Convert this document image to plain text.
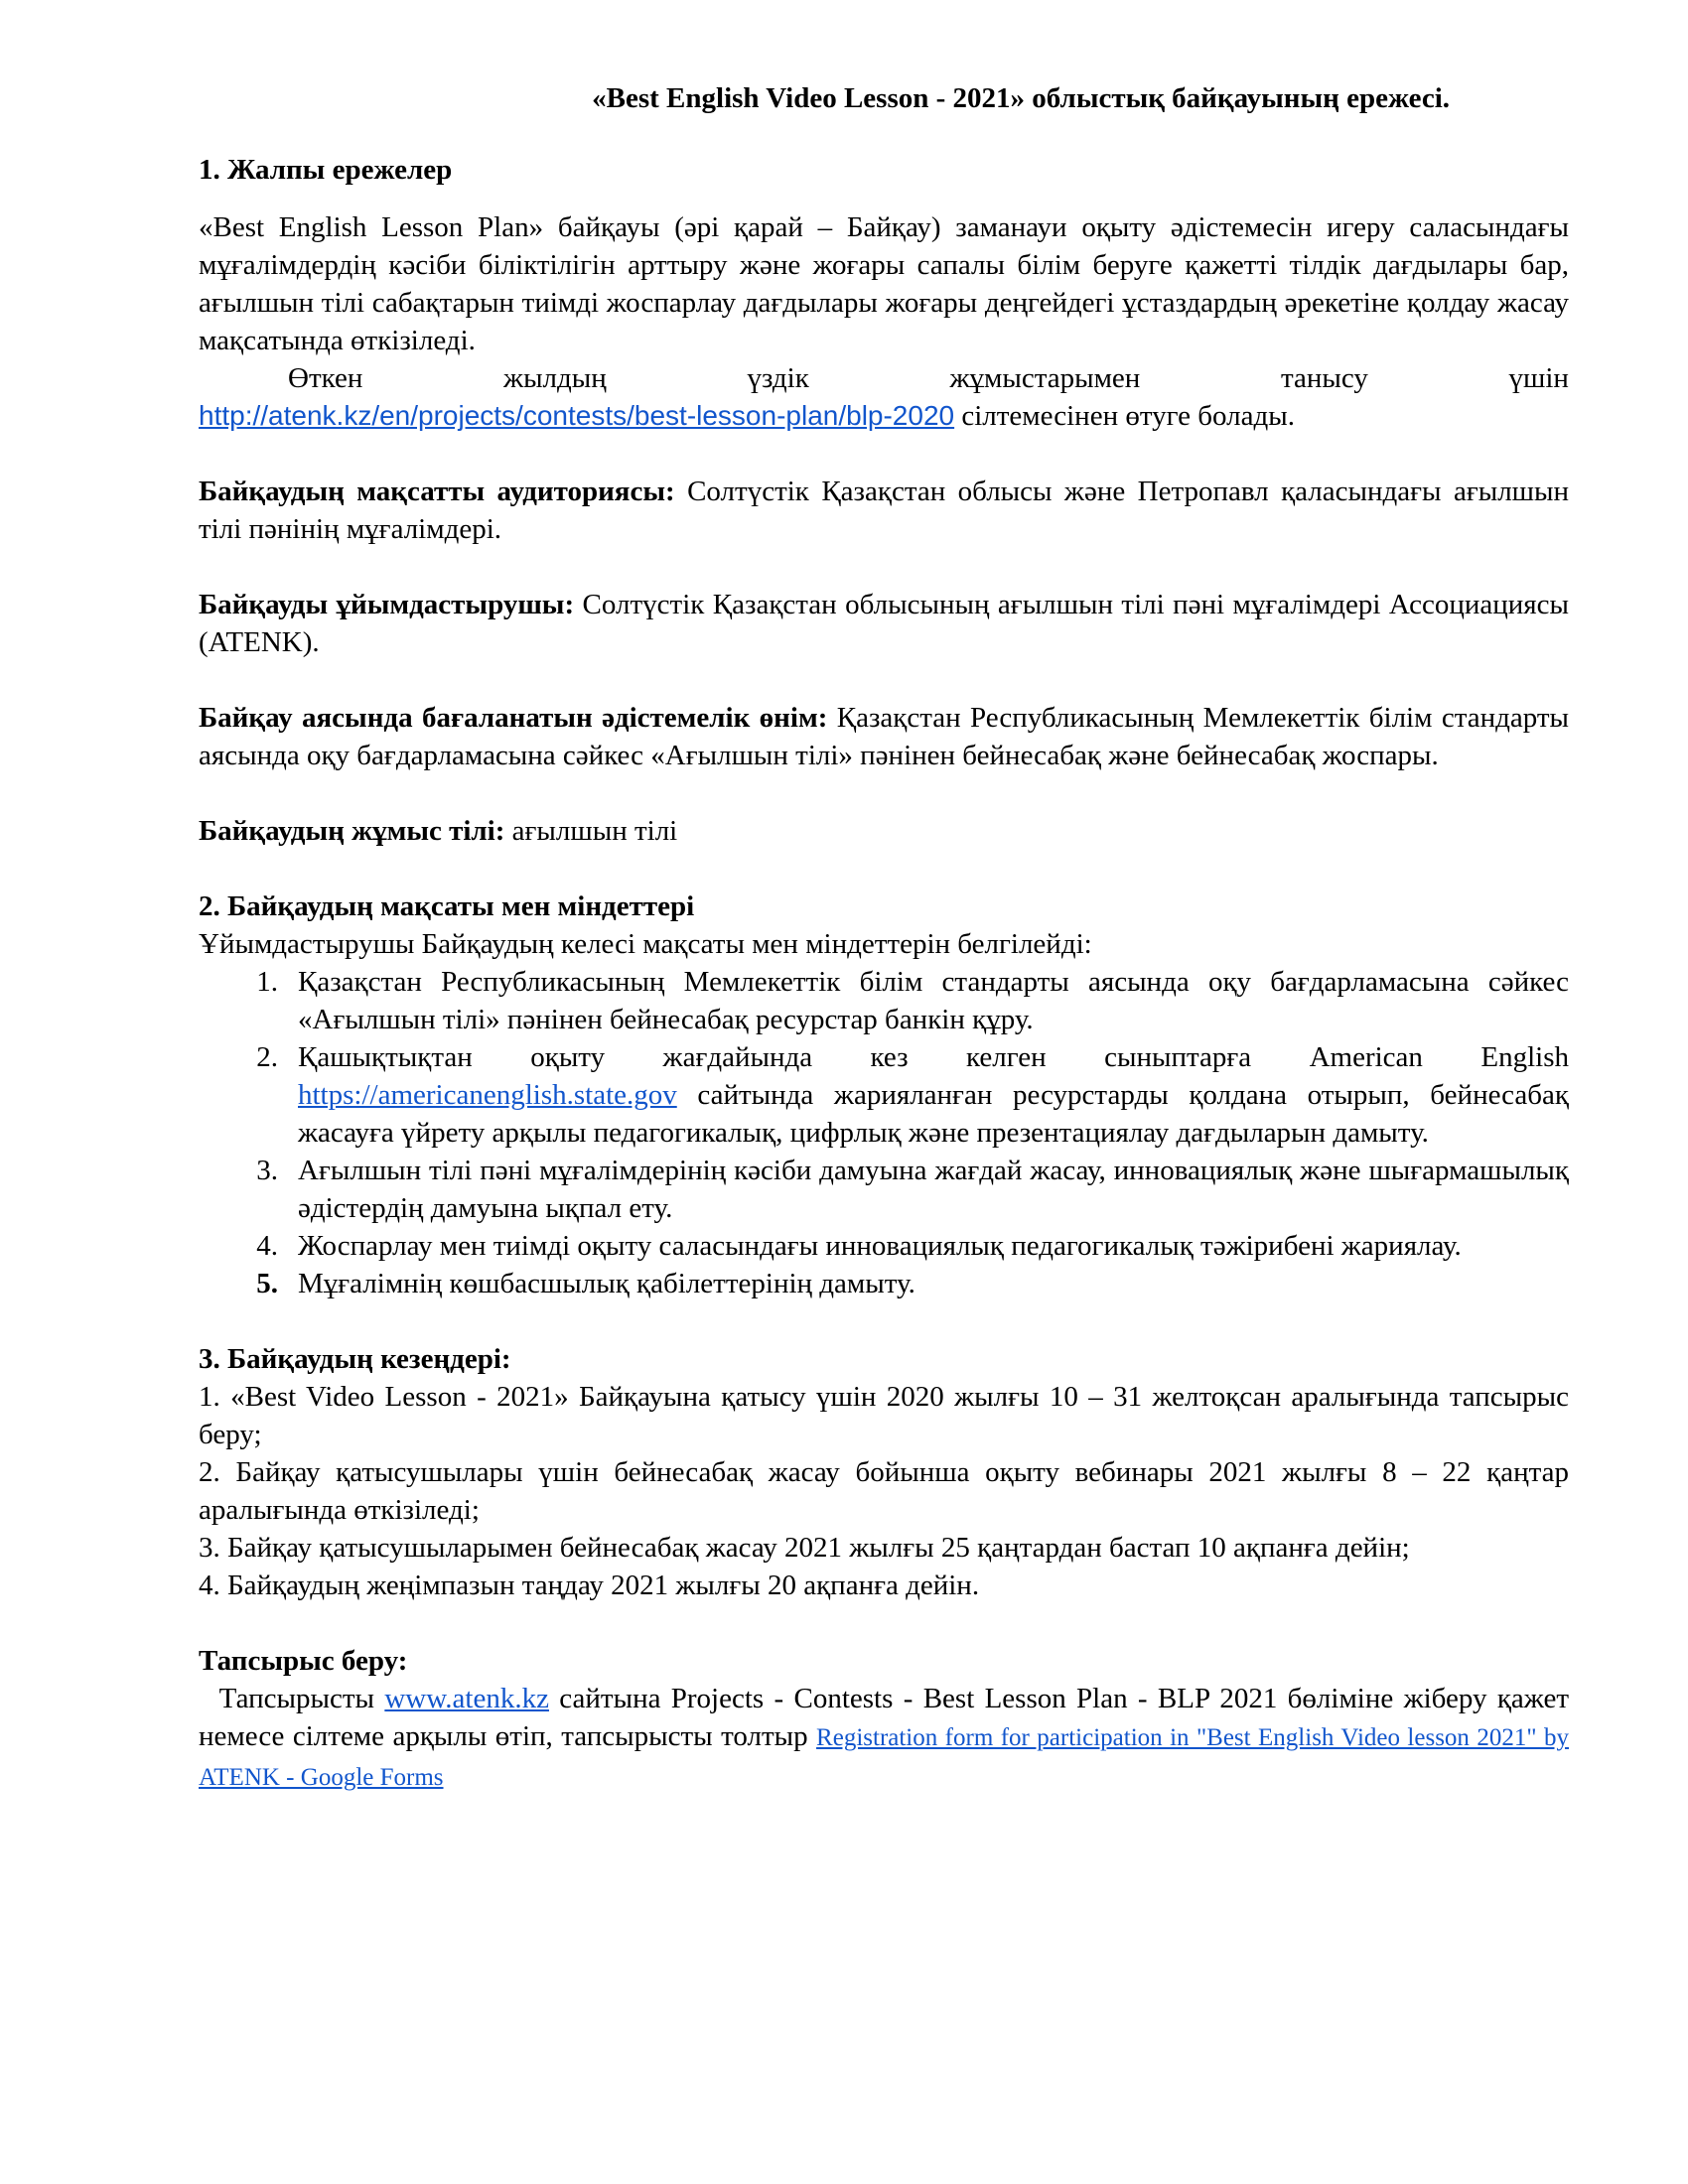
«Best English Video Lesson - 2021» облыстық байқауының ережесі.

1. Жалпы ережелер

«Best English Lesson Plan» байқауы (әрі қарай – Байқау) заманауи оқыту әдістемесін игеру саласындағы мұғалімдердің кәсіби біліктілігін арттыру және жоғары сапалы білім беруге қажетті тілдік дағдылары бар, ағылшын тілі сабақтарын тиімді жоспарлау дағдылары жоғары деңгейдегі ұстаздардың әрекетіне қолдау жасау мақсатында өткізіледі.

Өткен	жылдың	үздік	жұмыстарымен	танысу	үшін

http://atenk.kz/en/projects/contests/best-lesson-plan/blp-2020 сілтемесінен өтуге болады.

Байқаудың мақсатты аудиториясы: Солтүстік Қазақстан облысы және Петропавл қаласындағы ағылшын тілі пәнінің мұғалімдері.

Байқауды ұйымдастырушы: Солтүстік Қазақстан облысының ағылшын тілі пәні мұғалімдері Ассоциациясы (ATENK).

Байқау аясында бағаланатын әдістемелік өнім: Қазақстан Республикасының Мемлекеттік білім стандарты аясында оқу бағдарламасына сәйкес «Ағылшын тілі» пәнінен бейнесабақ және бейнесабақ жоспары.

Байқаудың жұмыс тілі: ағылшын тілі

2. Байқаудың мақсаты мен міндеттері

Ұйымдастырушы Байқаудың келесі мақсаты мен міндеттерін белгілейді:

1. Қазақстан Республикасының Мемлекеттік білім стандарты аясында оқу бағдарламасына сәйкес «Ағылшын тілі» пәнінен бейнесабақ ресурстар банкін құру.
2. Қашықтықтан оқыту жағдайында кез келген сыныптарға American English https://americanenglish.state.gov сайтында жарияланған ресурстарды қолдана отырып, бейнесабақ жасауға үйрету арқылы педагогикалық, цифрлық және презентациялау дағдыларын дамыту.
3. Ағылшын тілі пәні мұғалімдерінің кәсіби дамуына жағдай жасау, инновациялық және шығармашылық әдістердің дамуына ықпал ету.
4. Жоспарлау мен тиімді оқыту саласындағы инновациялық педагогикалық тәжірибені жариялау.
5. Мұғалімнің көшбасшылық қабілеттерінің дамыту.

3. Байқаудың кезеңдері:

1. «Best Video Lesson - 2021» Байқауына қатысу үшін 2020 жылғы 10 – 31 желтоқсан аралығында тапсырыс беру;

2. Байқау қатысушылары үшін бейнесабақ жасау бойынша оқыту вебинары 2021 жылғы 8 – 22 қаңтар аралығында өткізіледі;

3. Байқау қатысушыларымен бейнесабақ жасау 2021 жылғы 25 қаңтардан бастап 10 ақпанға дейін;

4. Байқаудың жеңімпазын таңдау 2021 жылғы 20 ақпанға дейін.

Тапсырыс беру:

Тапсырысты www.atenk.kz сайтына Projects - Contests - Best Lesson Plan - BLP 2021 бөліміне жіберу қажет немесе сілтеме арқылы өтіп, тапсырысты толтыр Registration form for participation in "Best English Video lesson 2021" by ATENK - Google Forms
